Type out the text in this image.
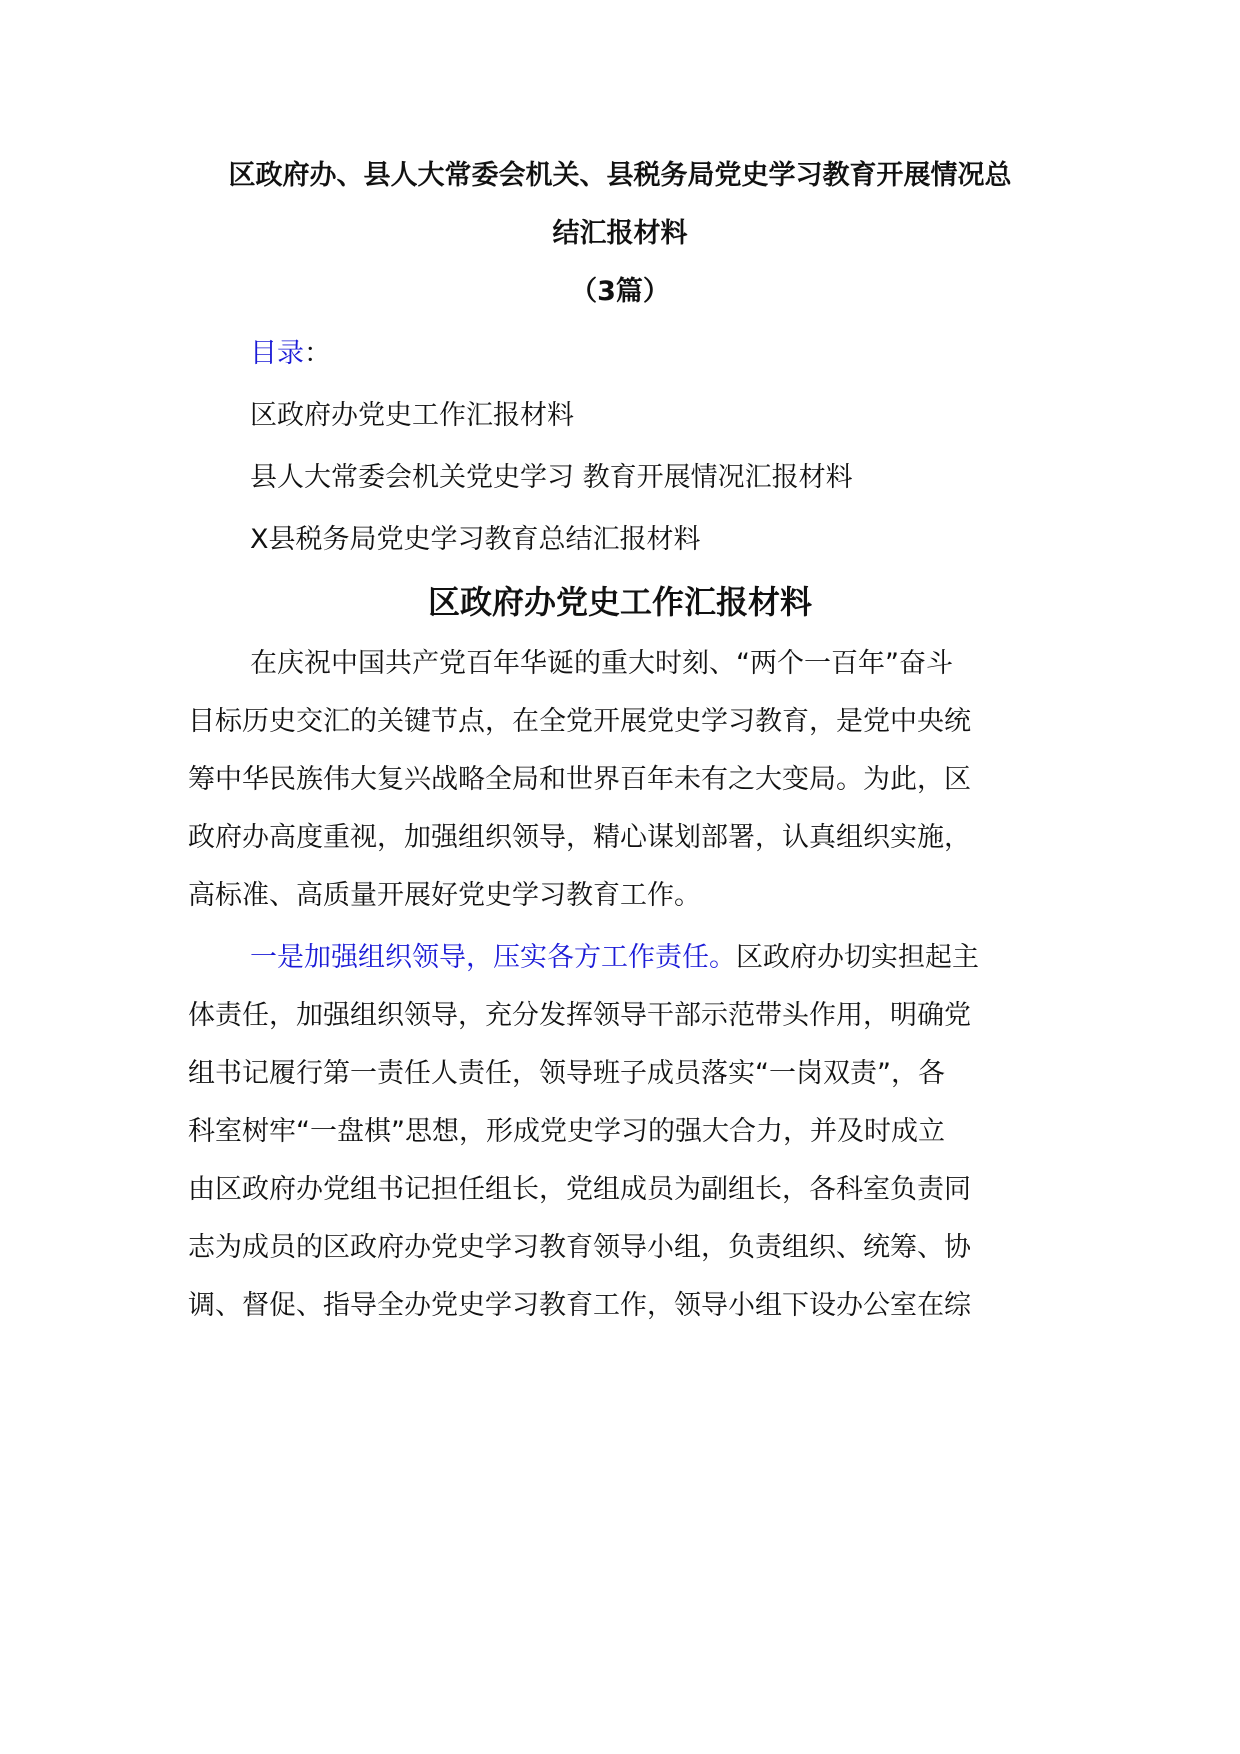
区政府办、县人大常委会机关、县税务局党史学习教育开展情况总
结汇报材料
（3篇）
目录：
区政府办党史工作汇报材料
县人大常委会机关党史学习 教育开展情况汇报材料
X县税务局党史学习教育总结汇报材料
区政府办党史工作汇报材料
在庆祝中国共产党百年华诞的重大时刻、“两个一百年”奋斗
目标历史交汇的关键节点，在全党开展党史学习教育，是党中央统
筹中华民族伟大复兴战略全局和世界百年未有之大变局。为此，区
政府办高度重视，加强组织领导，精心谋划部署，认真组织实施，
高标准、高质量开展好党史学习教育工作。
一是加强组织领导，压实各方工作责任。区政府办切实担起主
体责任，加强组织领导，充分发挥领导干部示范带头作用，明确党
组书记履行第一责任人责任，领导班子成员落实“一岗双责”，各
科室树牢“一盘棋”思想，形成党史学习的强大合力，并及时成立
由区政府办党组书记担任组长，党组成员为副组长，各科室负责同
志为成员的区政府办党史学习教育领导小组，负责组织、统筹、协
调、督促、指导全办党史学习教育工作，领导小组下设办公室在综
